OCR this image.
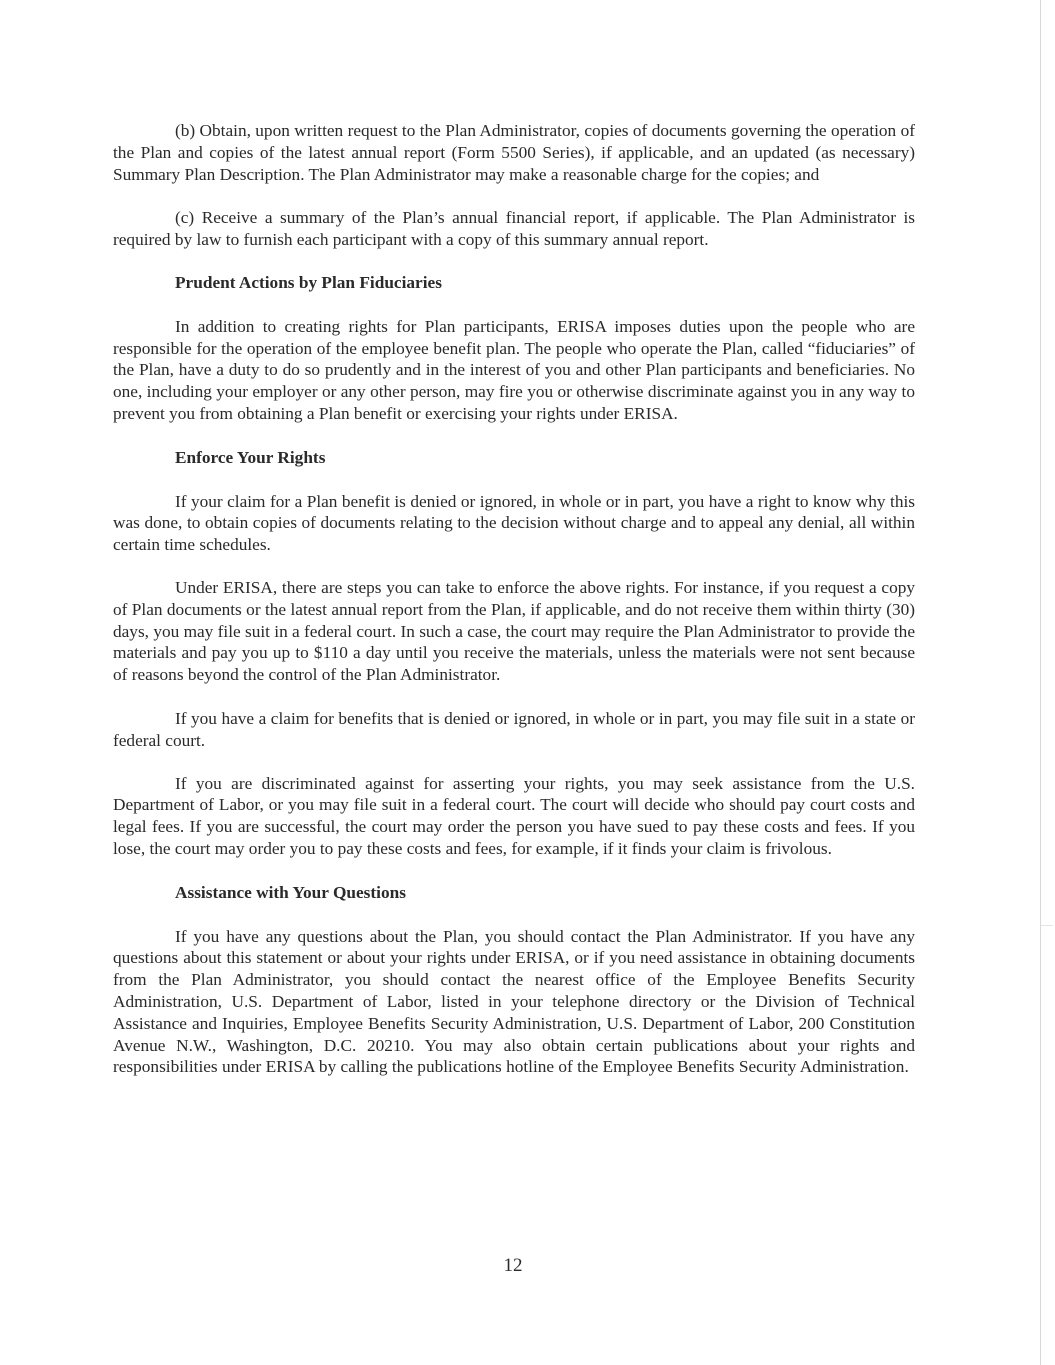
(b) Obtain, upon written request to the Plan Administrator, copies of documents governing the operation of the Plan and copies of the latest annual report (Form 5500 Series), if applicable, and an updated (as necessary) Summary Plan Description. The Plan Administrator may make a reasonable charge for the copies; and

(c) Receive a summary of the Plan’s annual financial report, if applicable. The Plan Administrator is required by law to furnish each participant with a copy of this summary annual report.

Prudent Actions by Plan Fiduciaries

In addition to creating rights for Plan participants, ERISA imposes duties upon the people who are responsible for the operation of the employee benefit plan. The people who operate the Plan, called “fiduciaries” of the Plan, have a duty to do so prudently and in the interest of you and other Plan participants and beneficiaries. No one, including your employer or any other person, may fire you or otherwise discriminate against you in any way to prevent you from obtaining a Plan benefit or exercising your rights under ERISA.

Enforce Your Rights

If your claim for a Plan benefit is denied or ignored, in whole or in part, you have a right to know why this was done, to obtain copies of documents relating to the decision without charge and to appeal any denial, all within certain time schedules.

Under ERISA, there are steps you can take to enforce the above rights. For instance, if you request a copy of Plan documents or the latest annual report from the Plan, if applicable, and do not receive them within thirty (30) days, you may file suit in a federal court. In such a case, the court may require the Plan Administrator to provide the materials and pay you up to $110 a day until you receive the materials, unless the materials were not sent because of reasons beyond the control of the Plan Administrator.

If you have a claim for benefits that is denied or ignored, in whole or in part, you may file suit in a state or federal court.

If you are discriminated against for asserting your rights, you may seek assistance from the U.S. Department of Labor, or you may file suit in a federal court. The court will decide who should pay court costs and legal fees. If you are successful, the court may order the person you have sued to pay these costs and fees. If you lose, the court may order you to pay these costs and fees, for example, if it finds your claim is frivolous.

Assistance with Your Questions

If you have any questions about the Plan, you should contact the Plan Administrator. If you have any questions about this statement or about your rights under ERISA, or if you need assistance in obtaining documents from the Plan Administrator, you should contact the nearest office of the Employee Benefits Security Administration, U.S. Department of Labor, listed in your telephone directory or the Division of Technical Assistance and Inquiries, Employee Benefits Security Administration, U.S. Department of Labor, 200 Constitution Avenue N.W., Washington, D.C. 20210. You may also obtain certain publications about your rights and responsibilities under ERISA by calling the publications hotline of the Employee Benefits Security Administration.

12
